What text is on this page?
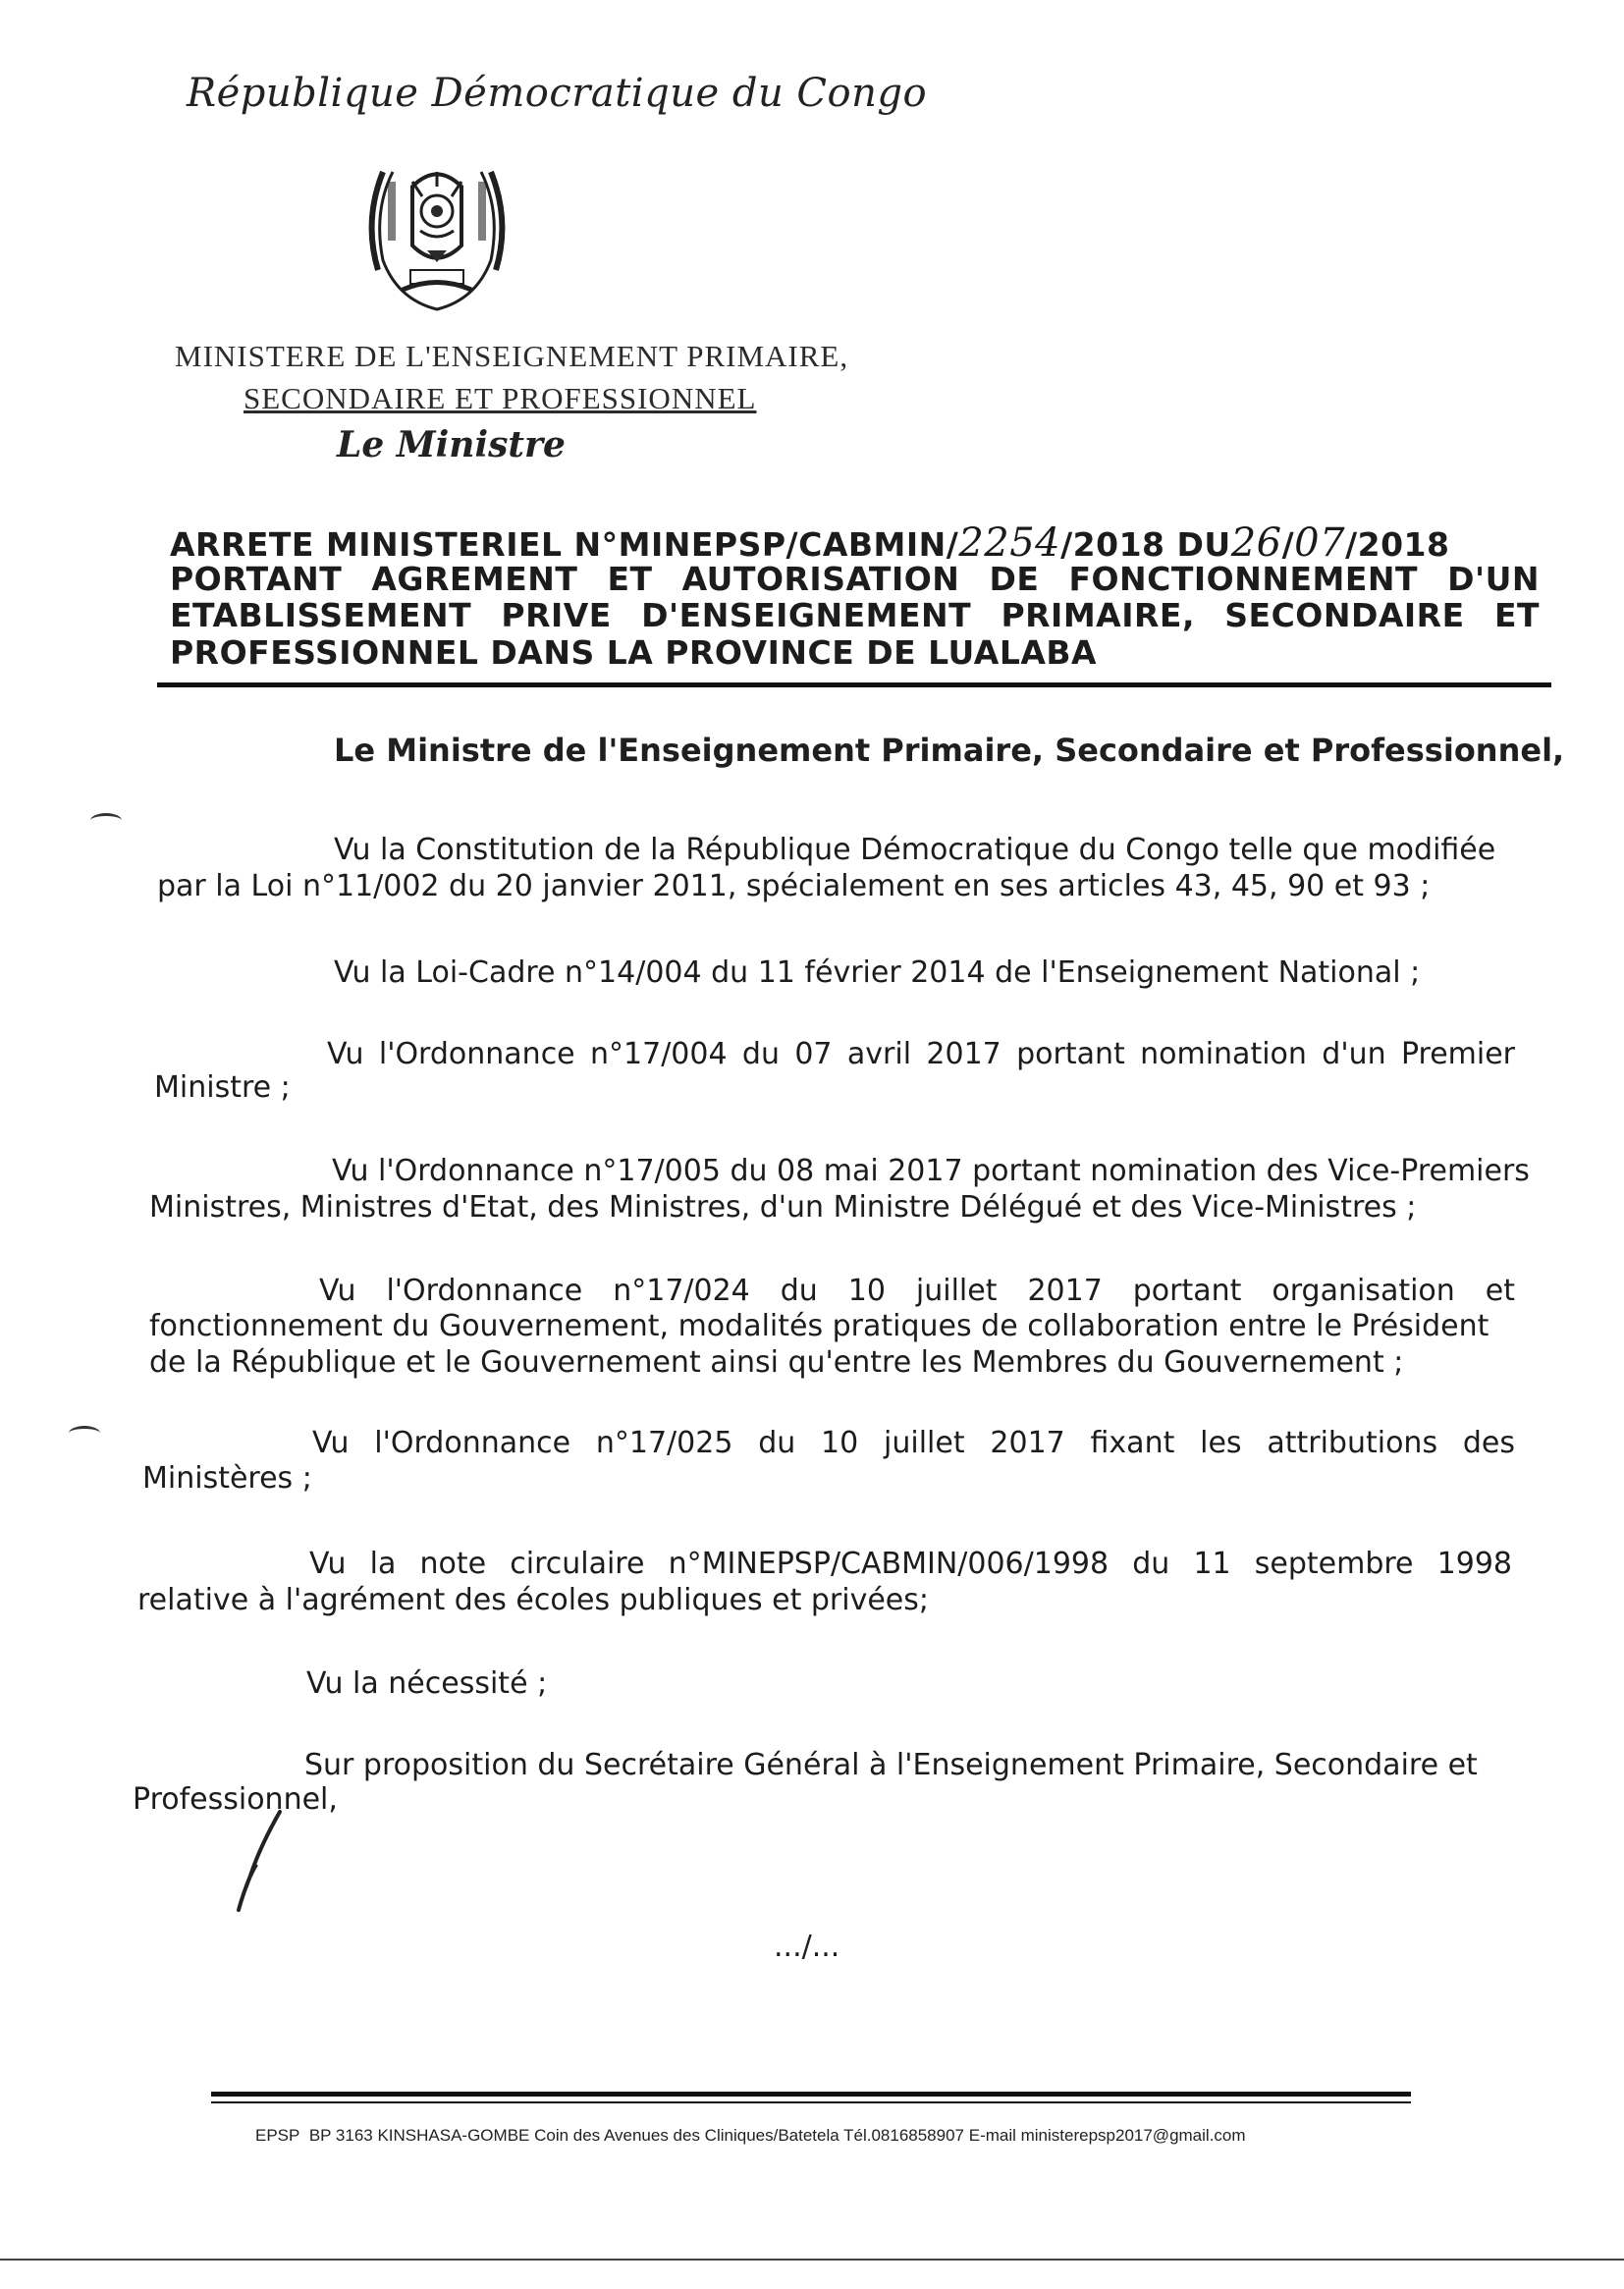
République Démocratique du Congo
MINISTERE DE L'ENSEIGNEMENT PRIMAIRE,
SECONDAIRE ET PROFESSIONNEL
Le Ministre
ARRETE MINISTERIEL N°MINEPSP/CABMIN/2254/2018 DU26/07/2018
PORTANT AGREMENT ET AUTORISATION DE FONCTIONNEMENT D'UN
ETABLISSEMENT PRIVE D'ENSEIGNEMENT PRIMAIRE, SECONDAIRE ET
PROFESSIONNEL DANS LA PROVINCE DE LUALABA
Le Ministre de l'Enseignement Primaire, Secondaire et Professionnel,
Vu la Constitution de la République Démocratique du Congo telle que modifiée
par la Loi n°11/002 du 20 janvier 2011, spécialement en ses articles 43, 45, 90 et 93 ;
Vu la Loi-Cadre n°14/004 du 11 février 2014 de l'Enseignement National ;
Vu l'Ordonnance n°17/004 du 07 avril 2017 portant nomination d'un Premier
Ministre ;
Vu l'Ordonnance n°17/005 du 08 mai 2017 portant nomination des Vice-Premiers
Ministres, Ministres d'Etat, des Ministres, d'un Ministre Délégué et des Vice-Ministres ;
Vu l'Ordonnance n°17/024 du 10 juillet 2017 portant organisation et
fonctionnement du Gouvernement, modalités pratiques de collaboration entre le Président
de la République et le Gouvernement ainsi qu'entre les Membres du Gouvernement ;
Vu l'Ordonnance n°17/025 du 10 juillet 2017 fixant les attributions des
Ministères ;
Vu la note circulaire n°MINEPSP/CABMIN/006/1998 du 11 septembre 1998
relative à l'agrément des écoles publiques et privées;
Vu la nécessité ;
Sur proposition du Secrétaire Général à l'Enseignement Primaire, Secondaire et
Professionnel,
.../...
EPSP BP 3163 KINSHASA-GOMBE Coin des Avenues des Cliniques/Batetela Tél.0816858907 E-mail ministerepsp2017@gmail.com
